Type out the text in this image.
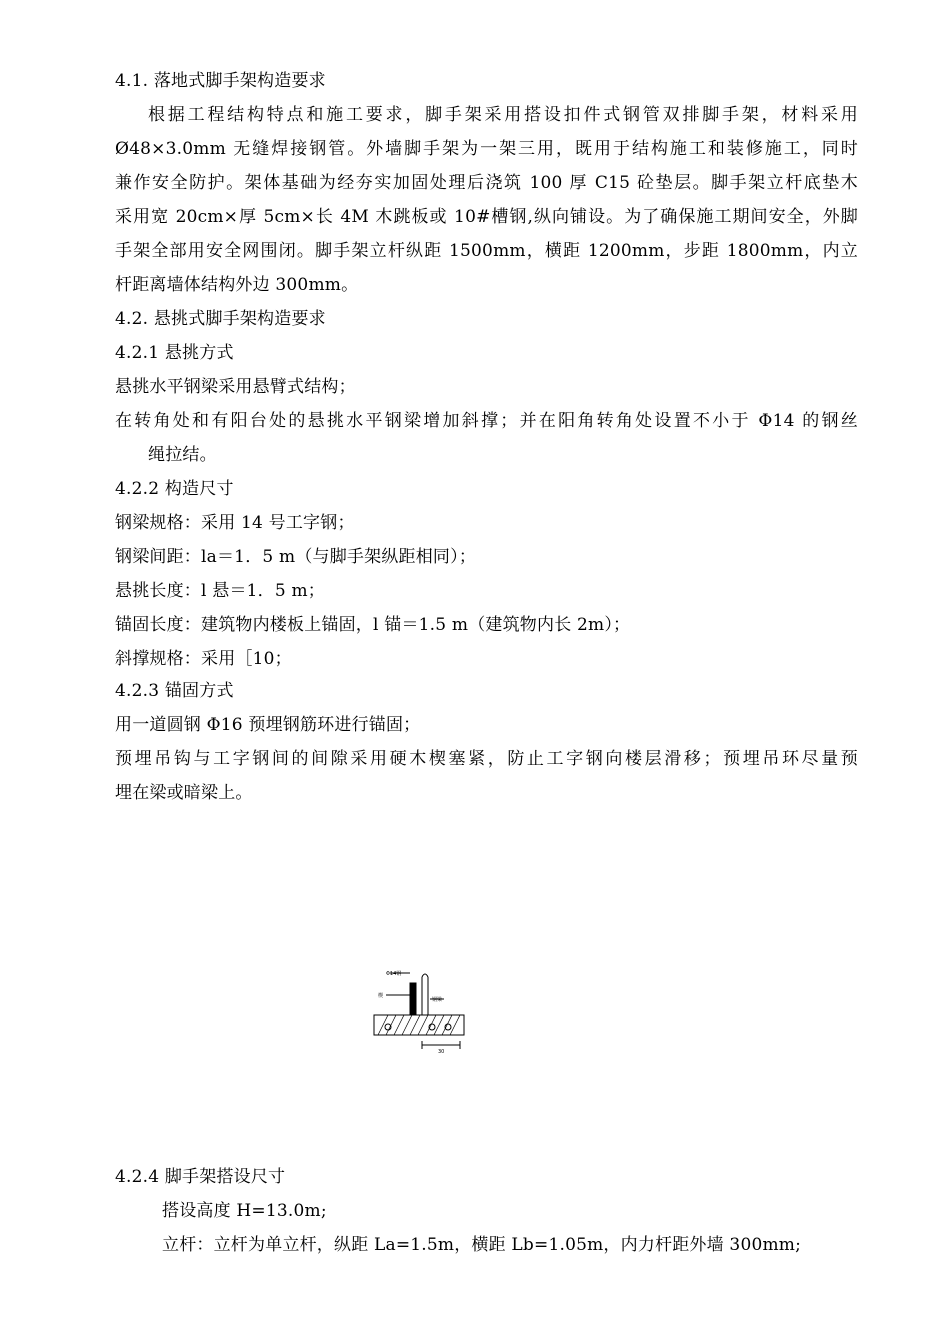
4.1. 落地式脚手架构造要求
根据工程结构特点和施工要求，脚手架采用搭设扣件式钢管双排脚手架，材料采用
Ø48×3.0mm 无缝焊接钢管。外墙脚手架为一架三用，既用于结构施工和装修施工，同时
兼作安全防护。架体基础为经夯实加固处理后浇筑 100 厚 C15 砼垫层。脚手架立杆底垫木
采用宽 20cm×厚 5cm×长 4M 木跳板或 10#槽钢,纵向铺设。为了确保施工期间安全，外脚
手架全部用安全网围闭。脚手架立杆纵距 1500mm，横距 1200mm，步距 1800mm，内立
杆距离墙体结构外边 300mm。
4.2. 悬挑式脚手架构造要求
4.2.1 悬挑方式
悬挑水平钢梁采用悬臂式结构；
在转角处和有阳台处的悬挑水平钢梁增加斜撑；并在阳角转角处设置不小于 Φ14 的钢丝
绳拉结。
4.2.2 构造尺寸
钢梁规格：采用 14 号工字钢；
钢梁间距：la＝1．5 m（与脚手架纵距相同）；
悬挑长度：l 悬＝1．5 m；
锚固长度：建筑物内楼板上锚固，l 锚＝1.5 m（建筑物内长 2m）；
斜撑规格：采用［10；
4.2.3 锚固方式
用一道圆钢 Φ16 预埋钢筋环进行锚固；
预埋吊钩与工字钢间的间隙采用硬木楔塞紧，防止工字钢向楼层滑移；预埋吊环尽量预
埋在梁或暗梁上。
Φ14钢
楔
钢梁
30
4.2.4 脚手架搭设尺寸
搭设高度 H=13.0m;
立杆：立杆为单立杆，纵距 La=1.5m，横距 Lb=1.05m，内力杆距外墙 300mm;
